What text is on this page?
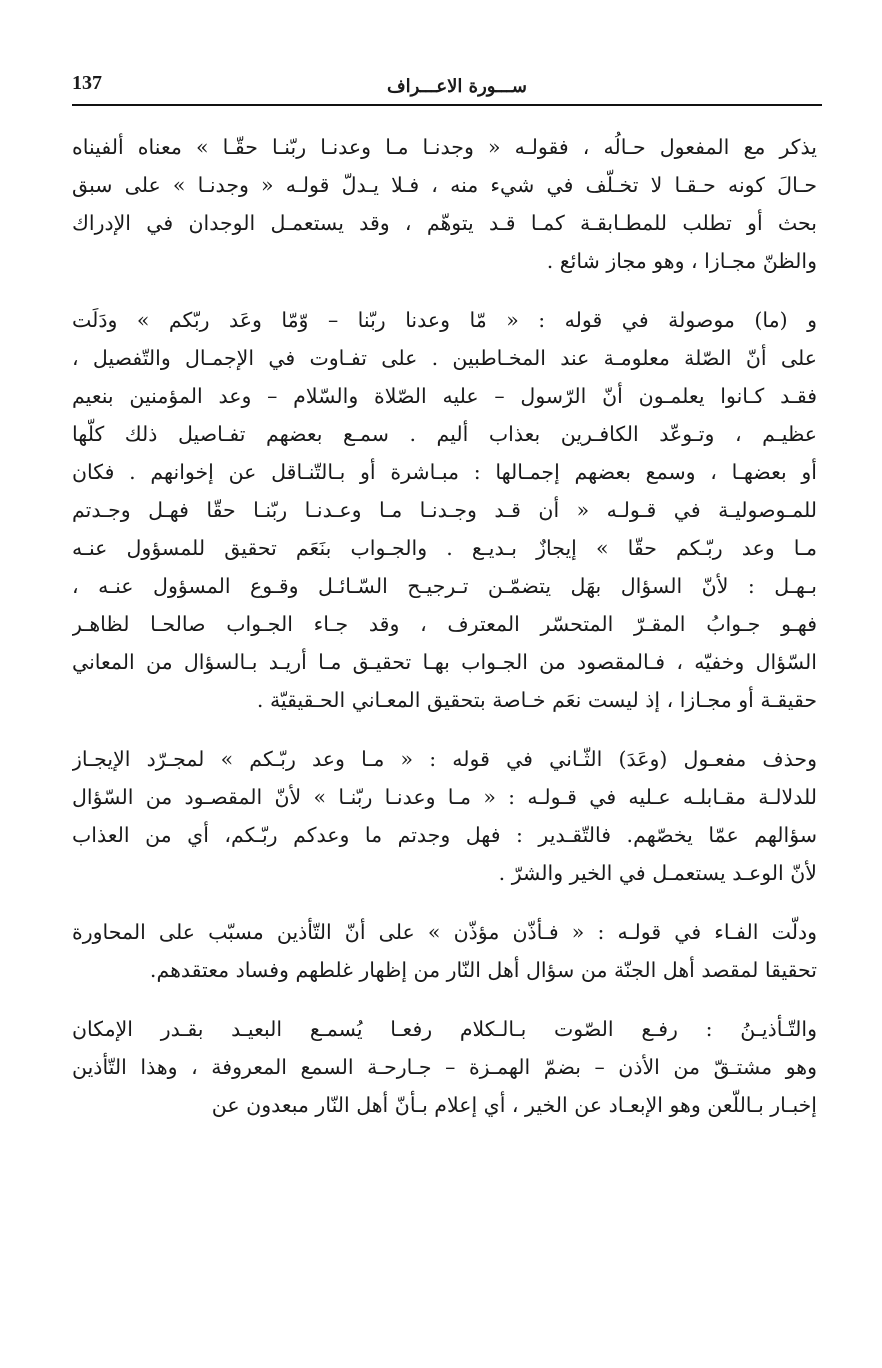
137	ســـورة الاعـــراف
يذكر مع المفعول حـالُه ، فقولـه « وجدنـا مـا وعدنـا ربّنـا حقّـا » معناه ألفيناه
حـالَ كونه حـقـا لا تخـلّف في شيء منه ، فـلا يـدلّ قولـه « وجدنـا » على سبق
بحث أو تطلب للمطـابقـة كمـا قـد يتوهّم ، وقد يستعمـل الوجدان في الإدراك
والظنّ مجـازا ، وهو مجاز شائع .
و (ما) موصولة في قوله : « مّا وعدنا ربّنا – وّمّا وعَد ربّكم » ودَلَت
على أنّ الصّلة معلومـة عند المخـاطبين . على تفـاوت في الإجمـال والتّفصيل ،
فقـد كـانوا يعلمـون أنّ الرّسول – عليه الصّلاة والسّلام – وعد المؤمنين بنعيم
عظيـم ، وتـوعّد الكافـرين بعذاب أليم . سمـع بعضهم تفـاصيل ذلك كلّها
أو بعضهـا ، وسمع بعضهم إجمـالها : مبـاشرة أو بـالتّنـاقل عن إخوانهم . فكان
للمـوصوليـة في قـولـه « أن قـد وجـدنـا مـا وعـدنـا ربّنـا حقّا فهـل وجـدتم
مـا وعد ربّـكم حقّا » إيجازٌ بـديـع . والجـواب بنَعَم تحقيق للمسؤول عنـه
بـهـل : لأنّ السؤال بهَل يتضمّـن تـرجيـح السّـائـل وقـوع المسؤول عنـه ،
فهـو جـوابُ المقـرّ المتحسّر المعترف ، وقد جـاء الجـواب صالحـا لظاهـر
السّؤال وخفيّه ، فـالمقصود من الجـواب بهـا تحقيـق مـا أريـد بـالسؤال من المعاني
حقيقـة أو مجـازا ، إذ ليست نعَم خـاصة بتحقيق المعـاني الحـقيقيّة .
وحذف مفعـول (وعَدَ) الثّـاني في قوله : « مـا وعد ربّـكم » لمجـرّد الإيجـاز
للدلالـة مقـابلـه عـليه في قـولـه : « مـا وعدنـا ربّنـا » لأنّ المقصـود من السّؤال
سؤالهم عمّا يخصّهم. فالتّقـدير : فهل وجدتم ما وعدكم ربّـكم، أي من العذاب
لأنّ الوعـد يستعمـل في الخير والشرّ .
ودلّت الفـاء في قولـه : « فـأذّن مؤذّن » على أنّ التّأذين مسبّب على المحاورة
تحقيقا لمقصد أهل الجنّة من سؤال أهل النّار من إظهار غلطهم وفساد معتقدهم.
والتّـأذيـنُ : رفـع الصّوت بـالـكلام رفعـا يُسمـع البعيـد بقـدر الإمكان
وهو مشتـقّ من الأذن – بضمّ الهمـزة – جـارحـة السمع المعروفة ، وهذا التّأذين
إخبـار بـاللّعن وهو الإبعـاد عن الخير ، أي إعلام بـأنّ أهل النّار مبعدون عن
